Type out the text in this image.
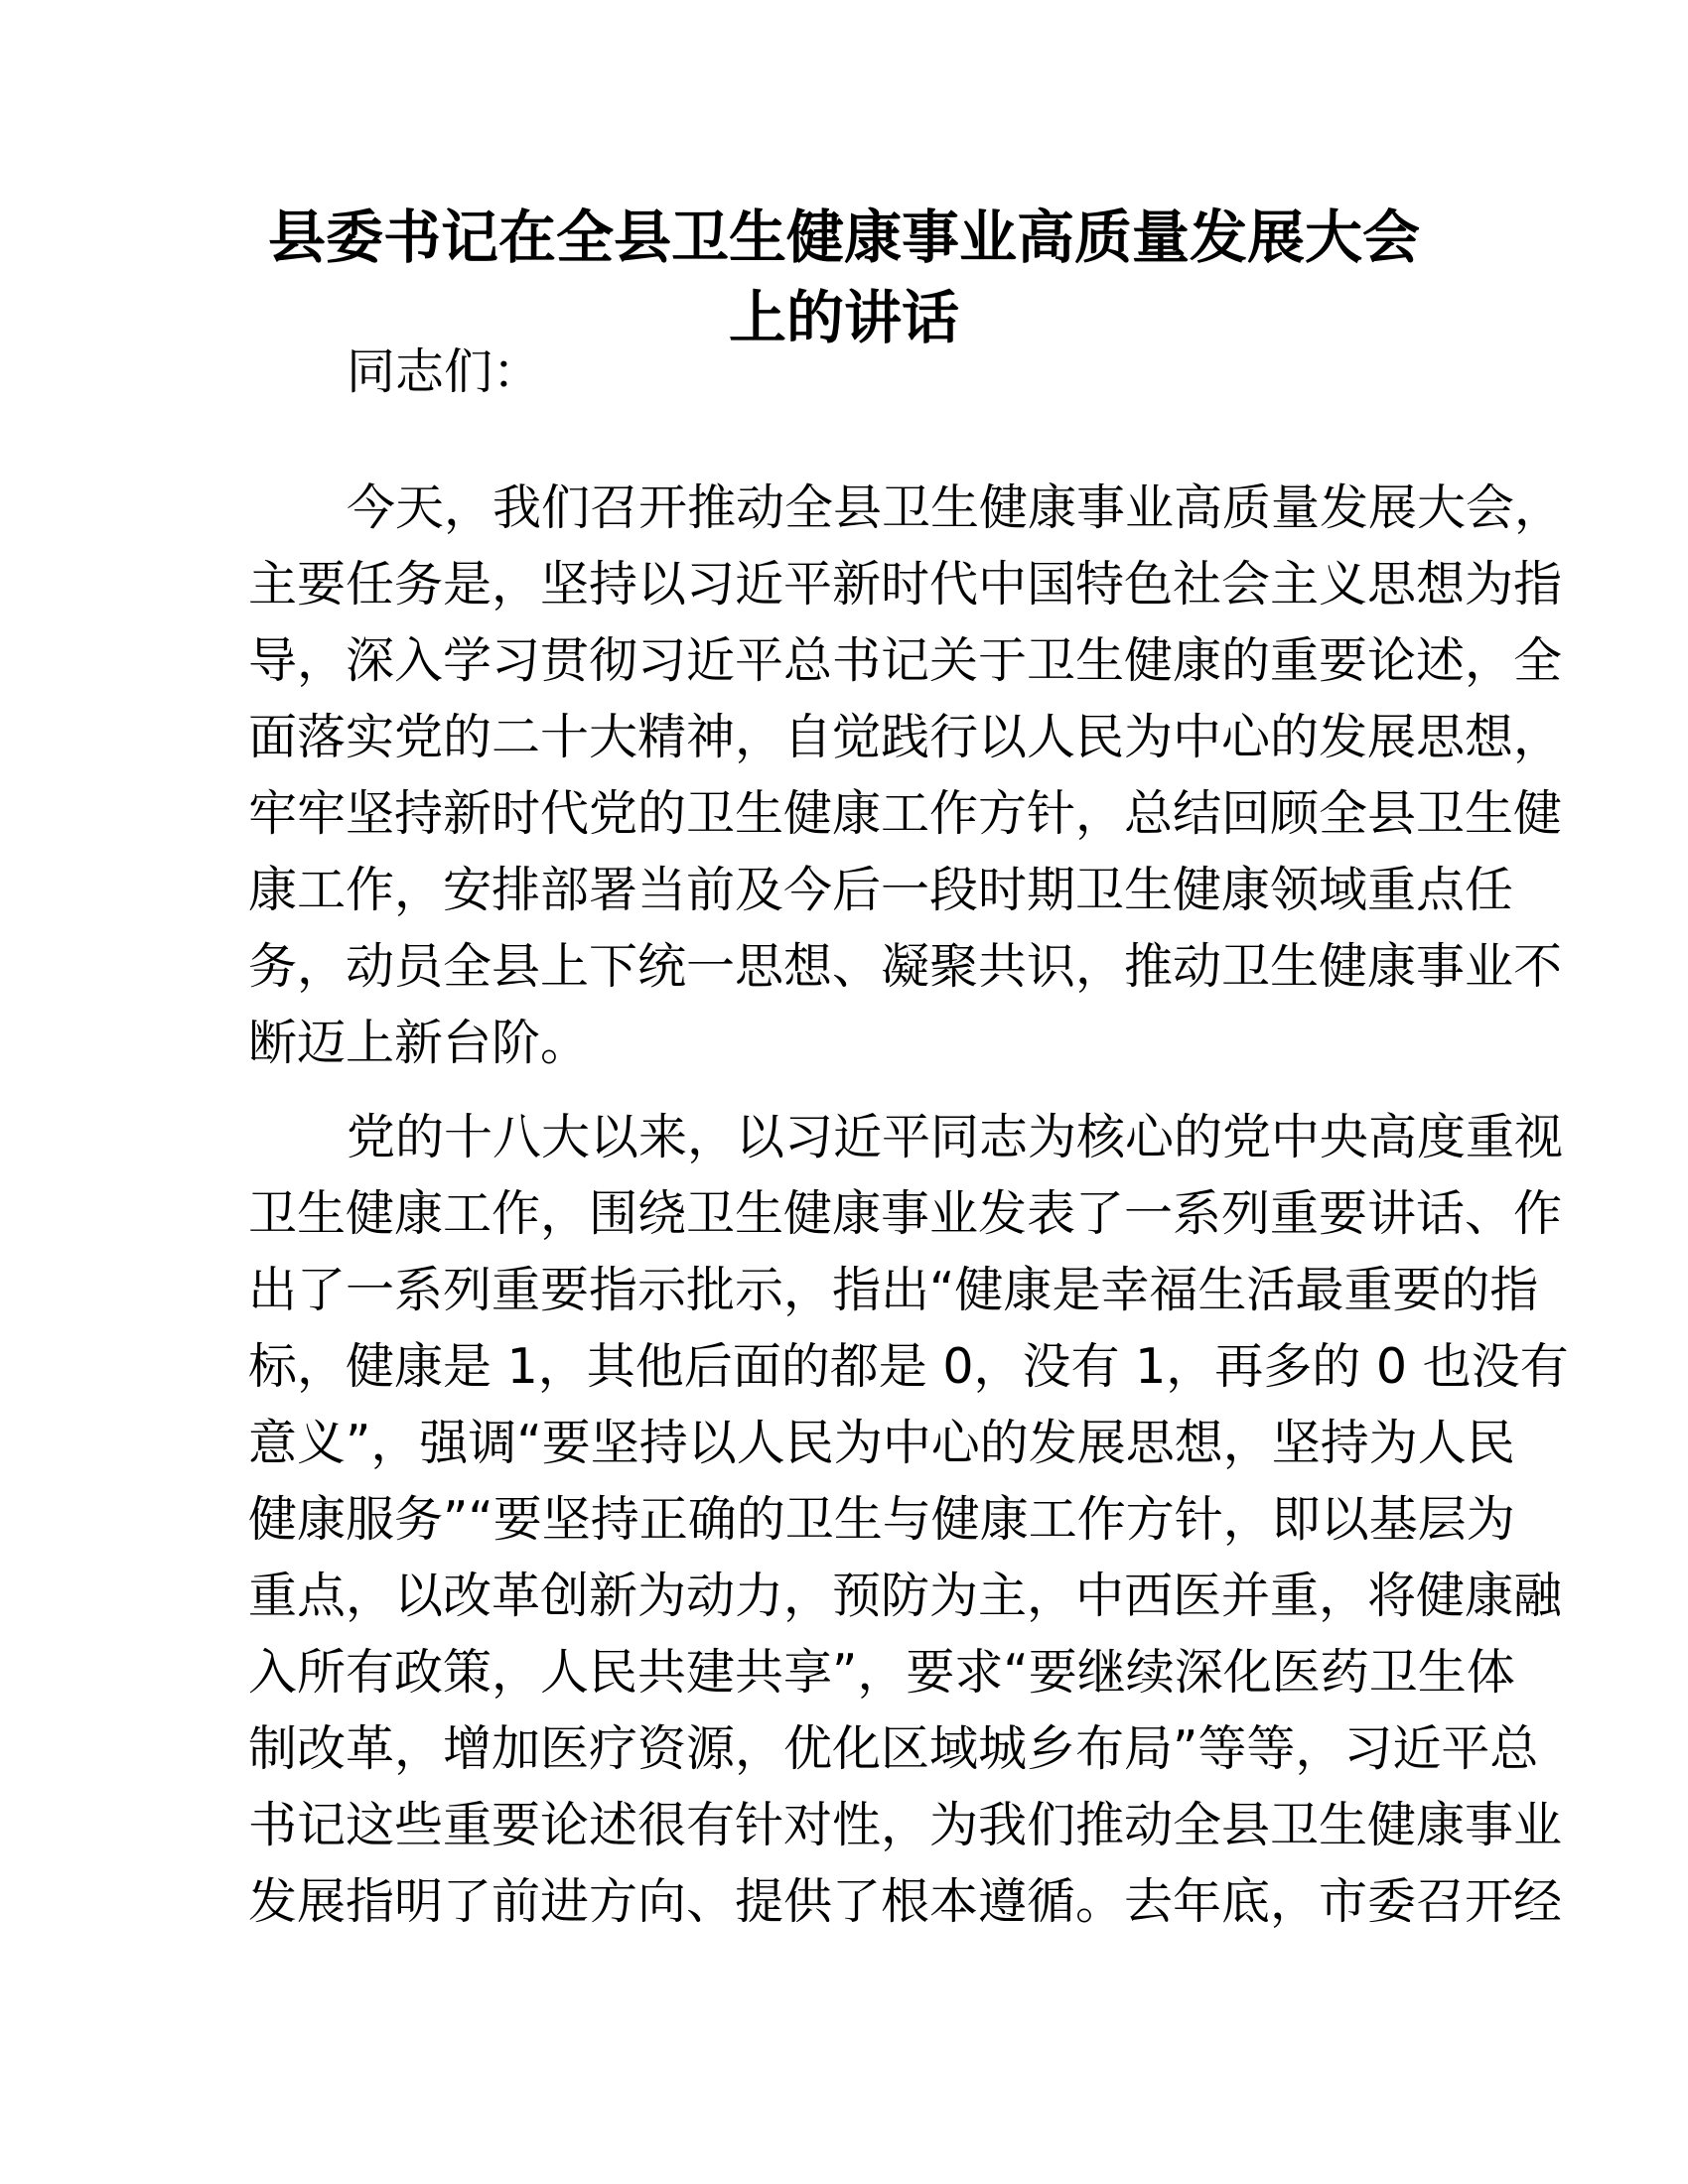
县委书记在全县卫生健康事业高质量发展大会
上的讲话
同志们：
今天，我们召开推动全县卫生健康事业高质量发展大会，
主要任务是，坚持以习近平新时代中国特色社会主义思想为指
导，深入学习贯彻习近平总书记关于卫生健康的重要论述，全
面落实党的二十大精神，自觉践行以人民为中心的发展思想，
牢牢坚持新时代党的卫生健康工作方针，总结回顾全县卫生健
康工作，安排部署当前及今后一段时期卫生健康领域重点任
务，动员全县上下统一思想、凝聚共识，推动卫生健康事业不
断迈上新台阶。
党的十八大以来，以习近平同志为核心的党中央高度重视
卫生健康工作，围绕卫生健康事业发表了一系列重要讲话、作
出了一系列重要指示批示，指出“健康是幸福生活最重要的指
标，健康是 1，其他后面的都是 0，没有 1，再多的 0 也没有
意义”，强调“要坚持以人民为中心的发展思想，坚持为人民
健康服务”“要坚持正确的卫生与健康工作方针，即以基层为
重点，以改革创新为动力，预防为主，中西医并重，将健康融
入所有政策，人民共建共享”，要求“要继续深化医药卫生体
制改革，增加医疗资源，优化区域城乡布局”等等，习近平总
书记这些重要论述很有针对性，为我们推动全县卫生健康事业
发展指明了前进方向、提供了根本遵循。去年底，市委召开经
